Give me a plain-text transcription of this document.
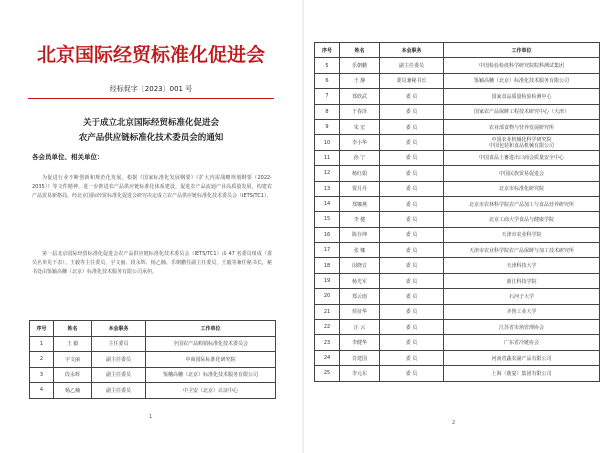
北京国际经贸标准化促进会
经标促字〔2023〕001 号
关于成立北京国际经贸标准化促进会
农产品供应链标准化技术委员会的通知
各会员单位、相关单位：
为促进行业不断创新和规范化发展，根据《国家标准化发展纲要》《扩大内需战略规划纲要（2022-2035）》等文件精神，进一步推进农产品供应链标准化体系建设，促进农产品流通产业高质量发展，构建农产品贸易新格局，经北京国际经贸标准化促进会研究决定成立农产品供应链标准化技术委员会（IETS/TC1）。
第一届北京国际经贸标准化促进会农产品供应链标准化技术委员会（IETS/TC1）由 47 名委员组成（委员名单见下表）。王毅等主任委员，宇文丽、段永辉、杨乙楠、乐朝鹏任副主任委员，王毅等兼任秘书长，秘书处由鉴颖高穗（北京）标准化技术服务有限公司承担。
序号	姓名	本会职务	工作单位
1	王 毅	主任委员	全国农产品购销标准化技术委员会
2	宇文丽	副主任委员	中商国际标准化研究院
3	段永辉	副主任委员	鉴穗高穗（北京）标准化技术服务有限公司
4	杨乙楠	副主任委员	中卫安（北京）认证中心
1
序号	姓名	本会职务	工作单位
5	乐朝鹏	副主任委员	中国检验检疫科学研究院粽科测试集团
6	王 静	委员兼秘书长	鉴颖高穗（北京）标准化技术服务有限公司
7	郑欣武	委 员	国家食品质量检验检测中心
8	于春泽	委 员	国家农产品保鲜工程技术研究中心（天津）
9	朱 宏	委 员	农业部食物与营养发展研究所
10	李小华	委 员	中国农业机械化科学研究院
中国包装和食品机械有限公司
11	孙 宁	委 员	中国食品土畜进出口商会质量安全中心
12	杨红娟	委 员	中国民族贸易促进会
13	贾月丹	委 员	北京市标准化研究院
14	郑娜燕	委 员	北京市农林科学院农产品加工与食品营养研究所
15	李 健	委 员	北京工商大学食品与健康学院
16	陈存坤	委 员	天津市农业科学院
17	张 娜	委 员	天津市农业科学院农产品保鲜与加工技术研究所
18	闵晓音	委 员	天津科技大学
19	杨光军	委 员	浙江科技学院
20	郑云雨	委 员	石河子大学
21	侯征华	委 员	齐鲁工业大学
22	汪 云	委 员	江苏省市场管理协会
23	李健华	委 员	广东省冷链协会
24	肖建国	委 员	河南省蔬农副产品有限公司
25	李元东	委 员	上海（鹿宴）集团有限公司
2
